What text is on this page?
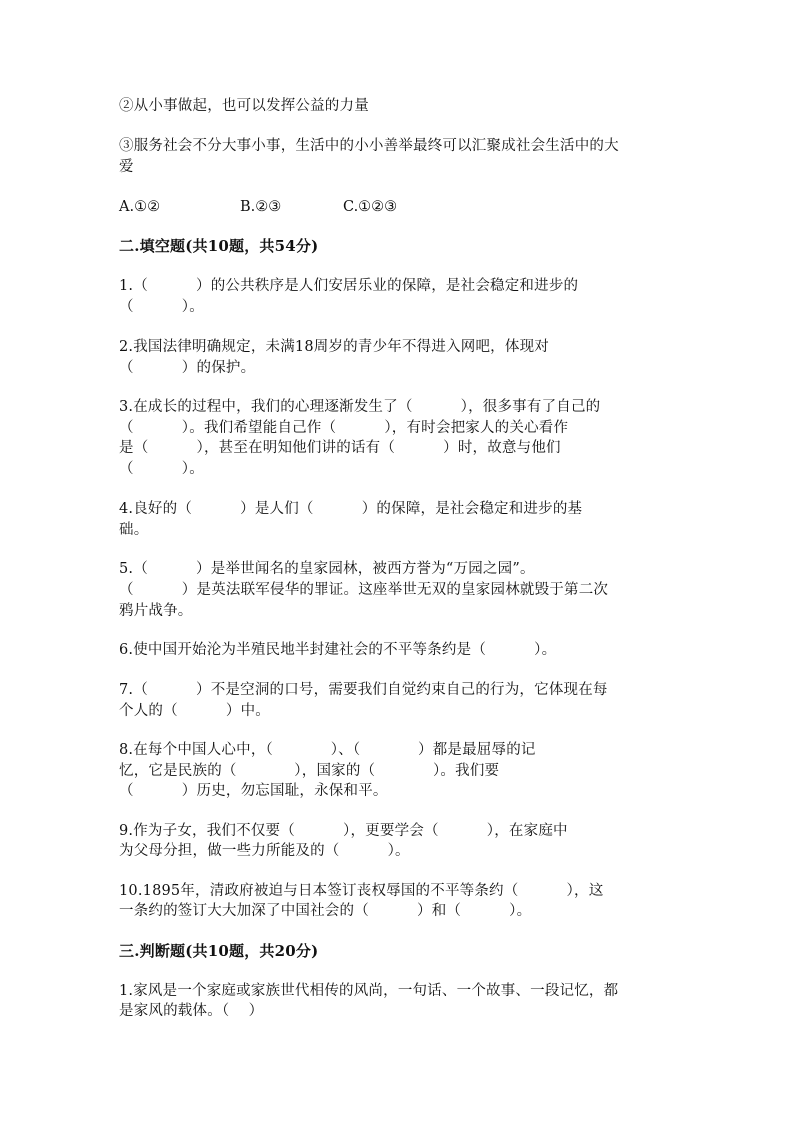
②从小事做起，也可以发挥公益的力量
③服务社会不分大事小事，生活中的小小善举最终可以汇聚成社会生活中的大
爱
A.①②	B.②③	C.①②③
二.填空题(共10题，共54分)
1.（          ）的公共秩序是人们安居乐业的保障，是社会稳定和进步的
（          ）。
2.我国法律明确规定，未满18周岁的青少年不得进入网吧，体现对
（          ）的保护。
3.在成长的过程中，我们的心理逐渐发生了（          ），很多事有了自己的
（          ）。我们希望能自己作（          ），有时会把家人的关心看作
是（          ），甚至在明知他们讲的话有（          ）时，故意与他们
（          ）。
4.良好的（          ）是人们（          ）的保障，是社会稳定和进步的基
础。
5.（          ）是举世闻名的皇家园林，被西方誉为“万园之园”。
（          ）是英法联军侵华的罪证。这座举世无双的皇家园林就毁于第二次
鸦片战争。
6.使中国开始沦为半殖民地半封建社会的不平等条约是（          ）。
7.（          ）不是空洞的口号，需要我们自觉约束自己的行为，它体现在每
个人的（          ）中。
8.在每个中国人心中，（            ）、（            ）都是最屈辱的记
忆，它是民族的（            ），国家的（            ）。我们要
（          ）历史，勿忘国耻，永保和平。
9.作为子女，我们不仅要（          ），更要学会（          ），在家庭中
为父母分担，做一些力所能及的（          ）。
10.1895年，清政府被迫与日本签订丧权辱国的不平等条约（          ），这
一条约的签订大大加深了中国社会的（          ）和（          ）。
三.判断题(共10题，共20分)
1.家风是一个家庭或家族世代相传的风尚，一句话、一个故事、一段记忆，都
是家风的载体。（    ）
